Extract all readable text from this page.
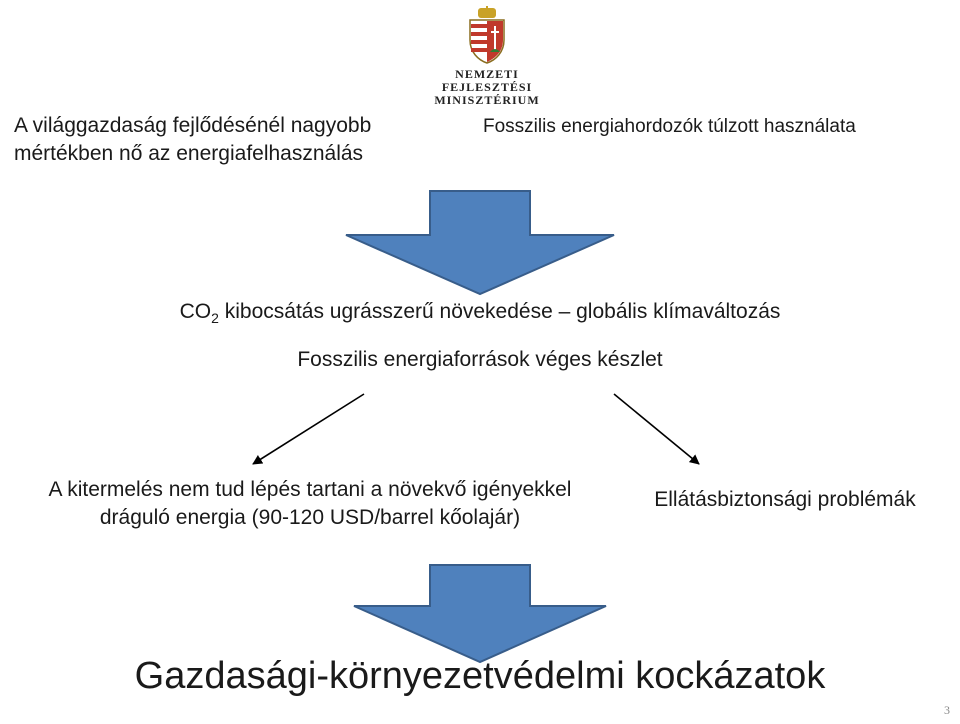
NEMZETI FEJLESZTÉSI
MINISZTÉRIUM
A világgazdaság fejlődésénél nagyobb
mértékben nő az energiafelhasználás
Fosszilis energiahordozók túlzott használata
$CO_2$ kibocsátás ugrásszerű növekedése – globális klímaváltozás
Fosszilis energiaforrások véges készlet
A kitermelés nem tud lépés tartani a növekvő igényekkel
dráguló energia (90-120 USD/barrel kőolajár)
Ellátásbiztonsági problémák
Gazdasági-környezetvédelmi kockázatok
3
